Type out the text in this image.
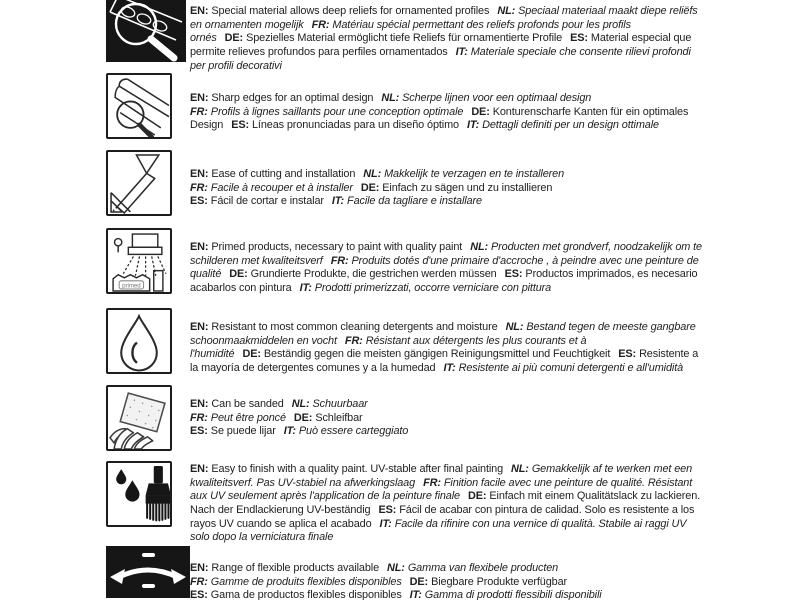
EN: Special material allows deep reliefs for ornamented profiles NL: Speciaal materiaal maakt diepe reliëfs en ornamenten mogelijk FR: Matériau spécial permettant des reliefs profonds pour les profils ornés DE: Spezielles Material ermöglicht tiefe Reliefs für ornamentierte Profile ES: Material especial que permite relieves profundos para perfiles ornamentados IT: Materiale speciale che consente rilievi profondi per profili decorativi

EN: Sharp edges for an optimal design NL: Scherpe lijnen voor een optimaal design
FR: Profils à lignes saillants pour une conception optimale DE: Konturenscharfe Kanten für ein optimales Design ES: Líneas pronunciadas para un diseño óptimo IT: Dettagli definiti per un design ottimale

EN: Ease of cutting and installation NL: Makkelijk te verzagen en te installeren
FR: Facile à recouper et à installer DE: Einfach zu sägen und zu installieren
ES: Fácil de cortar e instalar IT: Facile da tagliare e installare

primed

EN: Primed products, necessary to paint with quality paint NL: Producten met grondverf, noodzakelijk om te schilderen met kwaliteitsverf FR: Produits dotés d'une primaire d'accroche , à peindre avec une peinture de qualité DE: Grundierte Produkte, die gestrichen werden müssen ES: Productos imprimados, es necesario acabarlos con pintura IT: Prodotti primerizzati, occorre verniciare con pittura

EN: Resistant to most common cleaning detergents and moisture NL: Bestand tegen de meeste gangbare schoonmaakmiddelen en vocht FR: Résistant aux détergents les plus courants et à l'humidité DE: Beständig gegen die meisten gängigen Reinigungsmittel und Feuchtigkeit ES: Resistente a la mayoría de detergentes comunes y a la humedad IT: Resistente ai più comuni detergenti e all'umidità

EN: Can be sanded NL: Schuurbaar
FR: Peut être poncé DE: Schleifbar
ES: Se puede lijar IT: Può essere carteggiato

EN: Easy to finish with a quality paint. UV-stable after final painting NL: Gemakkelijk af te werken met een kwaliteitsverf. Pas UV-stabiel na afwerkingslaag FR: Finition facile avec une peinture de qualité. Résistant aux UV seulement après l'application de la peinture finale DE: Einfach mit einem Qualitätslack zu lackieren. Nach der Endlackierung UV-beständig ES: Fácil de acabar con pintura de calidad. Solo es resistente a los rayos UV cuando se aplica el acabado IT: Facile da rifinire con una vernice di qualità. Stabile ai raggi UV solo dopo la verniciatura finale

EN: Range of flexible products available NL: Gamma van flexibele producten
FR: Gamme de produits flexibles disponibles DE: Biegbare Produkte verfügbar
ES: Gama de productos flexibles disponibles IT: Gamma di prodotti flessibili disponibili
